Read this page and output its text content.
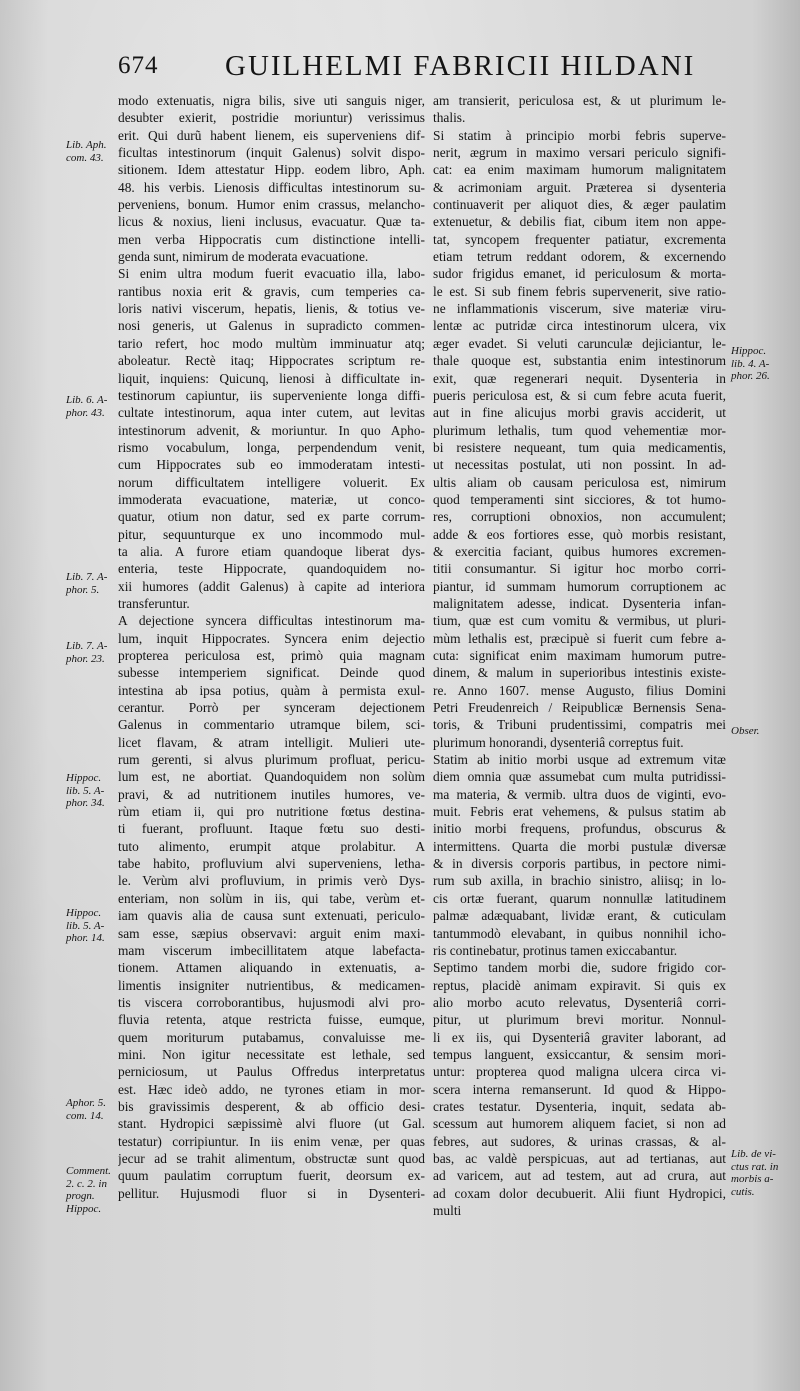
674 GUILHELMI FABRICII HILDANI
modo extenuatis, nigra bilis, sive uti sanguis niger,
desubter exierit, postridie moriuntur) verissimus
erit. Qui durũ habent lienem, eis superveniens dif-
ficultas intestinorum (inquit Galenus) solvit dispo-
sitionem. Idem attestatur Hipp. eodem libro, Aph.
48. his verbis. Lienosis difficultas intestinorum su-
perveniens, bonum. Humor enim crassus, melancho-
licus & noxius, lieni inclusus, evacuatur. Quæ ta-
men verba Hippocratis cum distinctione intelli-
genda sunt, nimirum de moderata evacuatione.
Si enim ultra modum fuerit evacuatio illa, labo-
rantibus noxia erit & gravis, cum temperies ca-
loris nativi viscerum, hepatis, lienis, & totius ve-
nosi generis, ut Galenus in supradicto commen-
tario refert, hoc modo multùm imminuatur atq;
aboleatur. Rectè itaq; Hippocrates scriptum re-
liquit, inquiens: Quicunq, lienosi à difficultate in-
testinorum capiuntur, iis superveniente longa diffi-
cultate intestinorum, aqua inter cutem, aut levitas
intestinorum advenit, & moriuntur. In quo Apho-
rismo vocabulum, longa, perpendendum venit,
cum Hippocrates sub eo immoderatam intesti-
norum difficultatem intelligere voluerit. Ex
immoderata evacuatione, materiæ, ut conco-
quatur, otium non datur, sed ex parte corrum-
pitur, sequunturque ex uno incommodo mul-
ta alia. A furore etiam quandoque liberat dys-
enteria, teste Hippocrate, quandoquidem no-
xii humores (addit Galenus) à capite ad interiora
transferuntur.
A dejectione syncera difficultas intestinorum ma-
lum, inquit Hippocrates. Syncera enim dejectio
propterea periculosa est, primò quia magnam
subesse intemperiem significat. Deinde quod
intestina ab ipsa potius, quàm à permista exul-
cerantur. Porrò per synceram dejectionem
Galenus in commentario utramque bilem, sci-
licet flavam, & atram intelligit. Mulieri ute-
rum gerenti, si alvus plurimum profluat, pericu-
lum est, ne abortiat. Quandoquidem non solùm
pravi, & ad nutritionem inutiles humores, ve-
rùm etiam ii, qui pro nutritione fœtus destina-
ti fuerant, profluunt. Itaque fœtu suo desti-
tuto alimento, erumpit atque prolabitur. A
tabe habito, profluvium alvi superveniens, letha-
le. Verùm alvi profluvium, in primis verò Dys-
enteriam, non solùm in iis, qui tabe, verùm et-
iam quavis alia de causa sunt extenuati, periculo-
sam esse, sæpius observavi: arguit enim maxi-
mam viscerum imbecillitatem atque labefacta-
tionem. Attamen aliquando in extenuatis, a-
limentis insigniter nutrientibus, & medicamen-
tis viscera corroborantibus, hujusmodi alvi pro-
fluvia retenta, atque restricta fuisse, eumque,
quem moriturum putabamus, convaluisse me-
mini. Non igitur necessitate est lethale, sed
perniciosum, ut Paulus Offredus interpretatus
est. Hæc ideò addo, ne tyrones etiam in mor-
bis gravissimis desperent, & ab officio desi-
stant. Hydropici sæpissimè alvi fluore (ut Gal.
testatur) corripiuntur. In iis enim venæ, per quas
jecur ad se trahit alimentum, obstructæ sunt quod
quum paulatim corruptum fuerit, deorsum ex-
pellitur. Hujusmodi fluor si in Dysenteri-
am transierit, periculosa est, & ut plurimum le-
thalis.
Si statim à principio morbi febris superve-
nerit, ægrum in maximo versari periculo signifi-
cat: ea enim maximam humorum malignitatem
& acrimoniam arguit. Præterea si dysenteria
continuaverit per aliquot dies, & æger paulatim
extenuetur, & debilis fiat, cibum item non appe-
tat, syncopem frequenter patiatur, excrementa
etiam tetrum reddant odorem, & excernendo
sudor frigidus emanet, id periculosum & morta-
le est. Si sub finem febris supervenerit, sive ratio-
ne inflammationis viscerum, sive materiæ viru-
lentæ ac putridæ circa intestinorum ulcera, vix
æger evadet. Si veluti carunculæ dejiciantur, le-
thale quoque est, substantia enim intestinorum
exit, quæ regenerari nequit. Dysenteria in
pueris periculosa est, & si cum febre acuta fuerit,
aut in fine alicujus morbi gravis acciderit, ut
plurimum lethalis, tum quod vehementiæ mor-
bi resistere nequeant, tum quia medicamentis,
ut necessitas postulat, uti non possint. In ad-
ultis aliam ob causam periculosa est, nimirum
quod temperamenti sint sicciores, & tot humo-
res, corruptioni obnoxios, non accumulent;
adde & eos fortiores esse, quò morbis resistant,
& exercitia faciant, quibus humores excremen-
titii consumantur. Si igitur hoc morbo corri-
piantur, id summam humorum corruptionem ac
malignitatem adesse, indicat. Dysenteria infan-
tium, quæ est cum vomitu & vermibus, ut pluri-
mùm lethalis est, præcipuè si fuerit cum febre a-
cuta: significat enim maximam humorum putre-
dinem, & malum in superioribus intestinis existe-
re. Anno 1607. mense Augusto, filius Domini
Petri Freudenreich / Reipublicæ Bernensis Sena-
toris, & Tribuni prudentissimi, compatris mei
plurimum honorandi, dysenteriâ correptus fuit.
Statim ab initio morbi usque ad extremum vitæ
diem omnia quæ assumebat cum multa putridissi-
ma materia, & vermib. ultra duos de viginti, evo-
muit. Febris erat vehemens, & pulsus statim ab
initio morbi frequens, profundus, obscurus &
intermittens. Quarta die morbi pustulæ diversæ
& in diversis corporis partibus, in pectore nimi-
rum sub axilla, in brachio sinistro, aliisq; in lo-
cis ortæ fuerant, quarum nonnullæ latitudinem
palmæ adæquabant, lividæ erant, & cuticulam
tantummodò elevabant, in quibus nonnihil icho-
ris continebatur, protinus tamen exiccabantur.
Septimo tandem morbi die, sudore frigido cor-
reptus, placidè animam expiravit. Si quis ex
alio morbo acuto relevatus, Dysenteriâ corri-
pitur, ut plurimum brevi moritur. Nonnul-
li ex iis, qui Dysenteriâ graviter laborant, ad
tempus languent, exsiccantur, & sensim mori-
untur: propterea quod maligna ulcera circa vi-
scera interna remanserunt. Id quod & Hippo-
crates testatur. Dysenteria, inquit, sedata ab-
scessum aut humorem aliquem faciet, si non ad
febres, aut sudores, & urinas crassas, & al-
bas, ac valdè perspicuas, aut ad tertianas, aut
ad varicem, aut ad testem, aut ad crura, aut
ad coxam dolor decubuerit. Alii fiunt Hydropici,
multi
Lib. Aph.
com. 43.
Lib. 6. A-
phor. 43.
Lib. 7. A-
phor. 5.
Lib. 7. A-
phor. 23.
Hippoc.
lib. 5. A-
phor. 34.
Hippoc.
lib. 5. A-
phor. 14.
Aphor. 5.
com. 14.
Comment.
2. c. 2. in
progn.
Hippoc.
Hippoc.
lib. 4. A-
phor. 26.
Obser.
Lib. de vi-
ctus rat. in
morbis a-
cutis.
